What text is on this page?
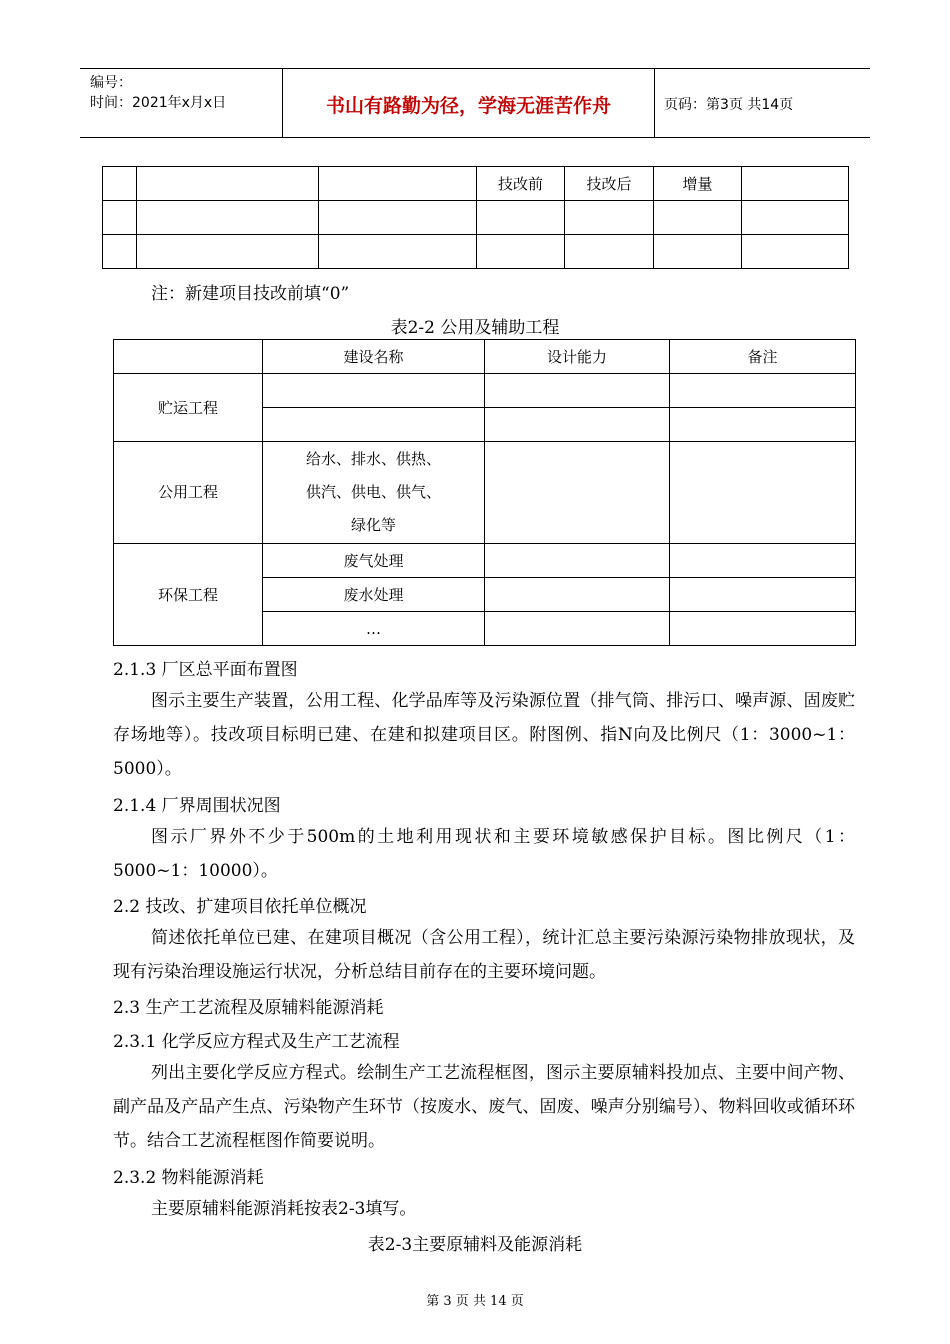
编号：
时间：2021年x月x日	书山有路勤为径，学海无涯苦作舟	页码：第3页 共14页
			技改前	技改后	增量	

注：新建项目技改前填“0”
表2-2 公用及辅助工程
	建设名称	设计能力	备注
贮运工程			

公用工程	给水、排水、供热、
供汽、供电、供气、
绿化等		

环保工程	废气处理		
	废水处理		
	…		
2.1.3 厂区总平面布置图
图示主要生产装置，公用工程、化学品库等及污染源位置（排气筒、排污口、噪声源、固废贮存场地等）。技改项目标明已建、在建和拟建项目区。附图例、指N向及比例尺（1：3000~1：5000）。
2.1.4 厂界周围状况图
图示厂界外不少于500m的土地利用现状和主要环境敏感保护目标。图比例尺（1：5000~1：10000）。
2.2 技改、扩建项目依托单位概况
简述依托单位已建、在建项目概况（含公用工程），统计汇总主要污染源污染物排放现状，及现有污染治理设施运行状况，分析总结目前存在的主要环境问题。
2.3 生产工艺流程及原辅料能源消耗
2.3.1 化学反应方程式及生产工艺流程
列出主要化学反应方程式。绘制生产工艺流程框图，图示主要原辅料投加点、主要中间产物、副产品及产品产生点、污染物产生环节（按废水、废气、固废、噪声分别编号）、物料回收或循环环节。结合工艺流程框图作简要说明。
2.3.2 物料能源消耗
主要原辅料能源消耗按表2-3填写。
表2-3主要原辅料及能源消耗
第 3 页 共 14 页
